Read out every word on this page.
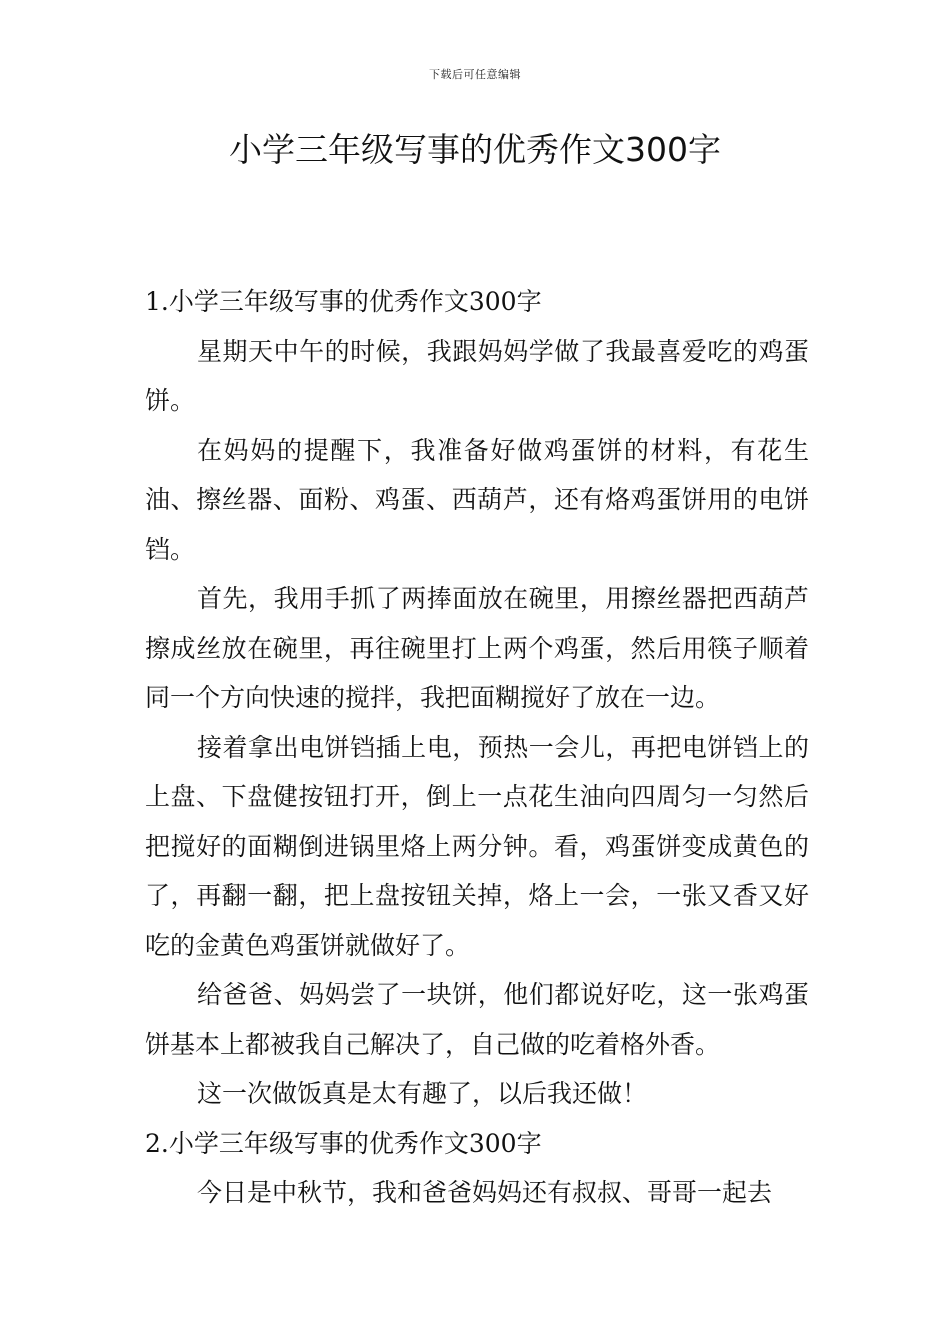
下载后可任意编辑
小学三年级写事的优秀作文300字
1.小学三年级写事的优秀作文300字

星期天中午的时候，我跟妈妈学做了我最喜爱吃的鸡蛋饼。

在妈妈的提醒下，我准备好做鸡蛋饼的材料，有花生油、擦丝器、面粉、鸡蛋、西葫芦，还有烙鸡蛋饼用的电饼铛。

首先，我用手抓了两捧面放在碗里，用擦丝器把西葫芦擦成丝放在碗里，再往碗里打上两个鸡蛋，然后用筷子顺着同一个方向快速的搅拌，我把面糊搅好了放在一边。

接着拿出电饼铛插上电，预热一会儿，再把电饼铛上的上盘、下盘健按钮打开，倒上一点花生油向四周匀一匀然后把搅好的面糊倒进锅里烙上两分钟。看，鸡蛋饼变成黄色的了，再翻一翻，把上盘按钮关掉，烙上一会，一张又香又好吃的金黄色鸡蛋饼就做好了。

给爸爸、妈妈尝了一块饼，他们都说好吃，这一张鸡蛋饼基本上都被我自己解决了，自己做的吃着格外香。

这一次做饭真是太有趣了，以后我还做！

2.小学三年级写事的优秀作文300字

今日是中秋节，我和爸爸妈妈还有叔叔、哥哥一起去
